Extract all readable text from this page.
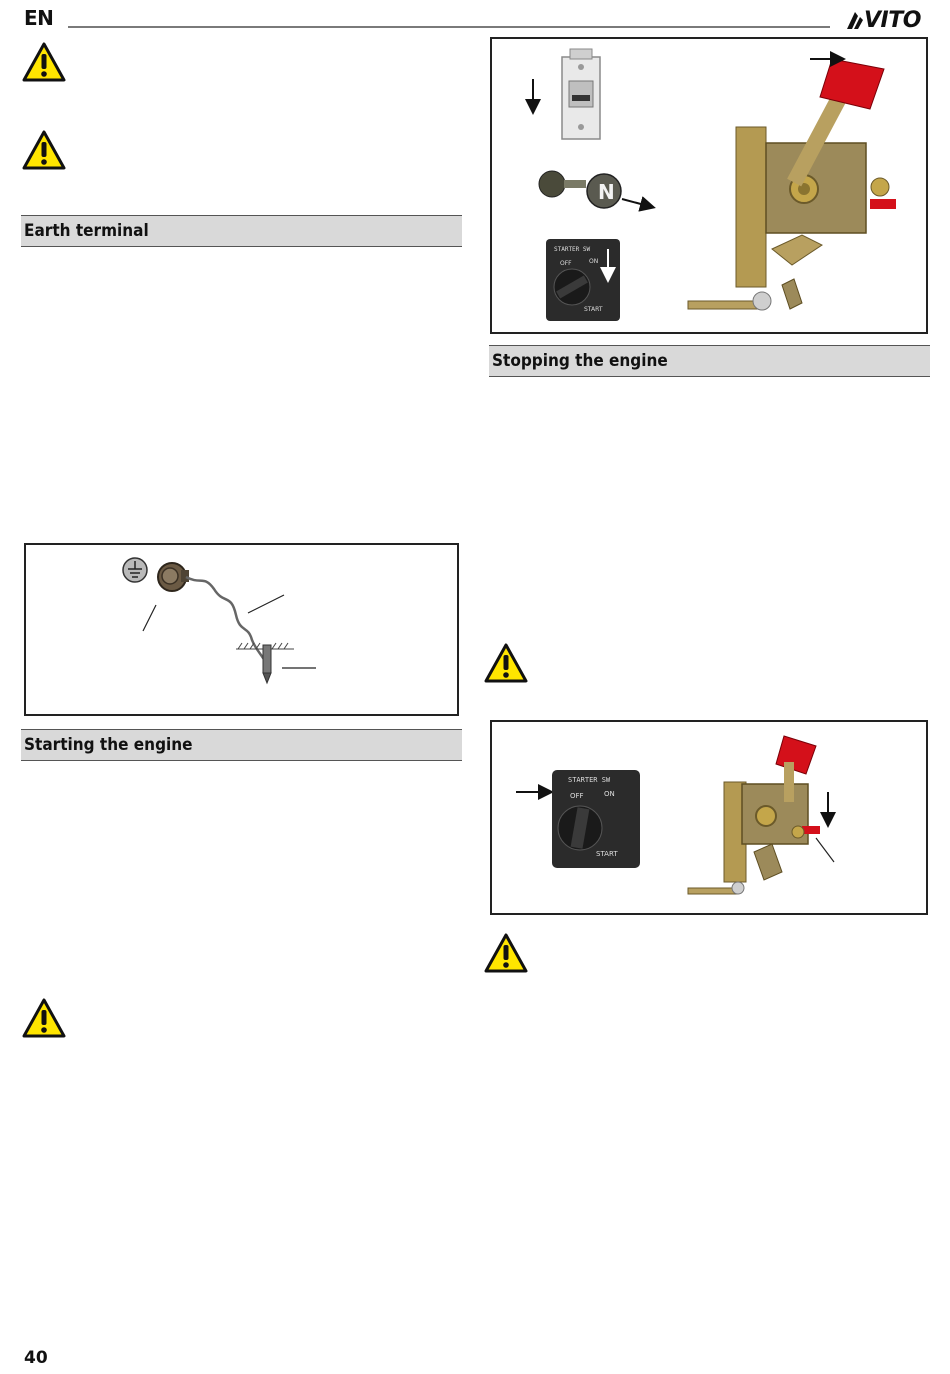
EN	VITO
Earth terminal
Starting the engine
N
STARTER SW
OFF	ON
START
Stopping the engine
STARTER SW
OFF	ON
START
40
